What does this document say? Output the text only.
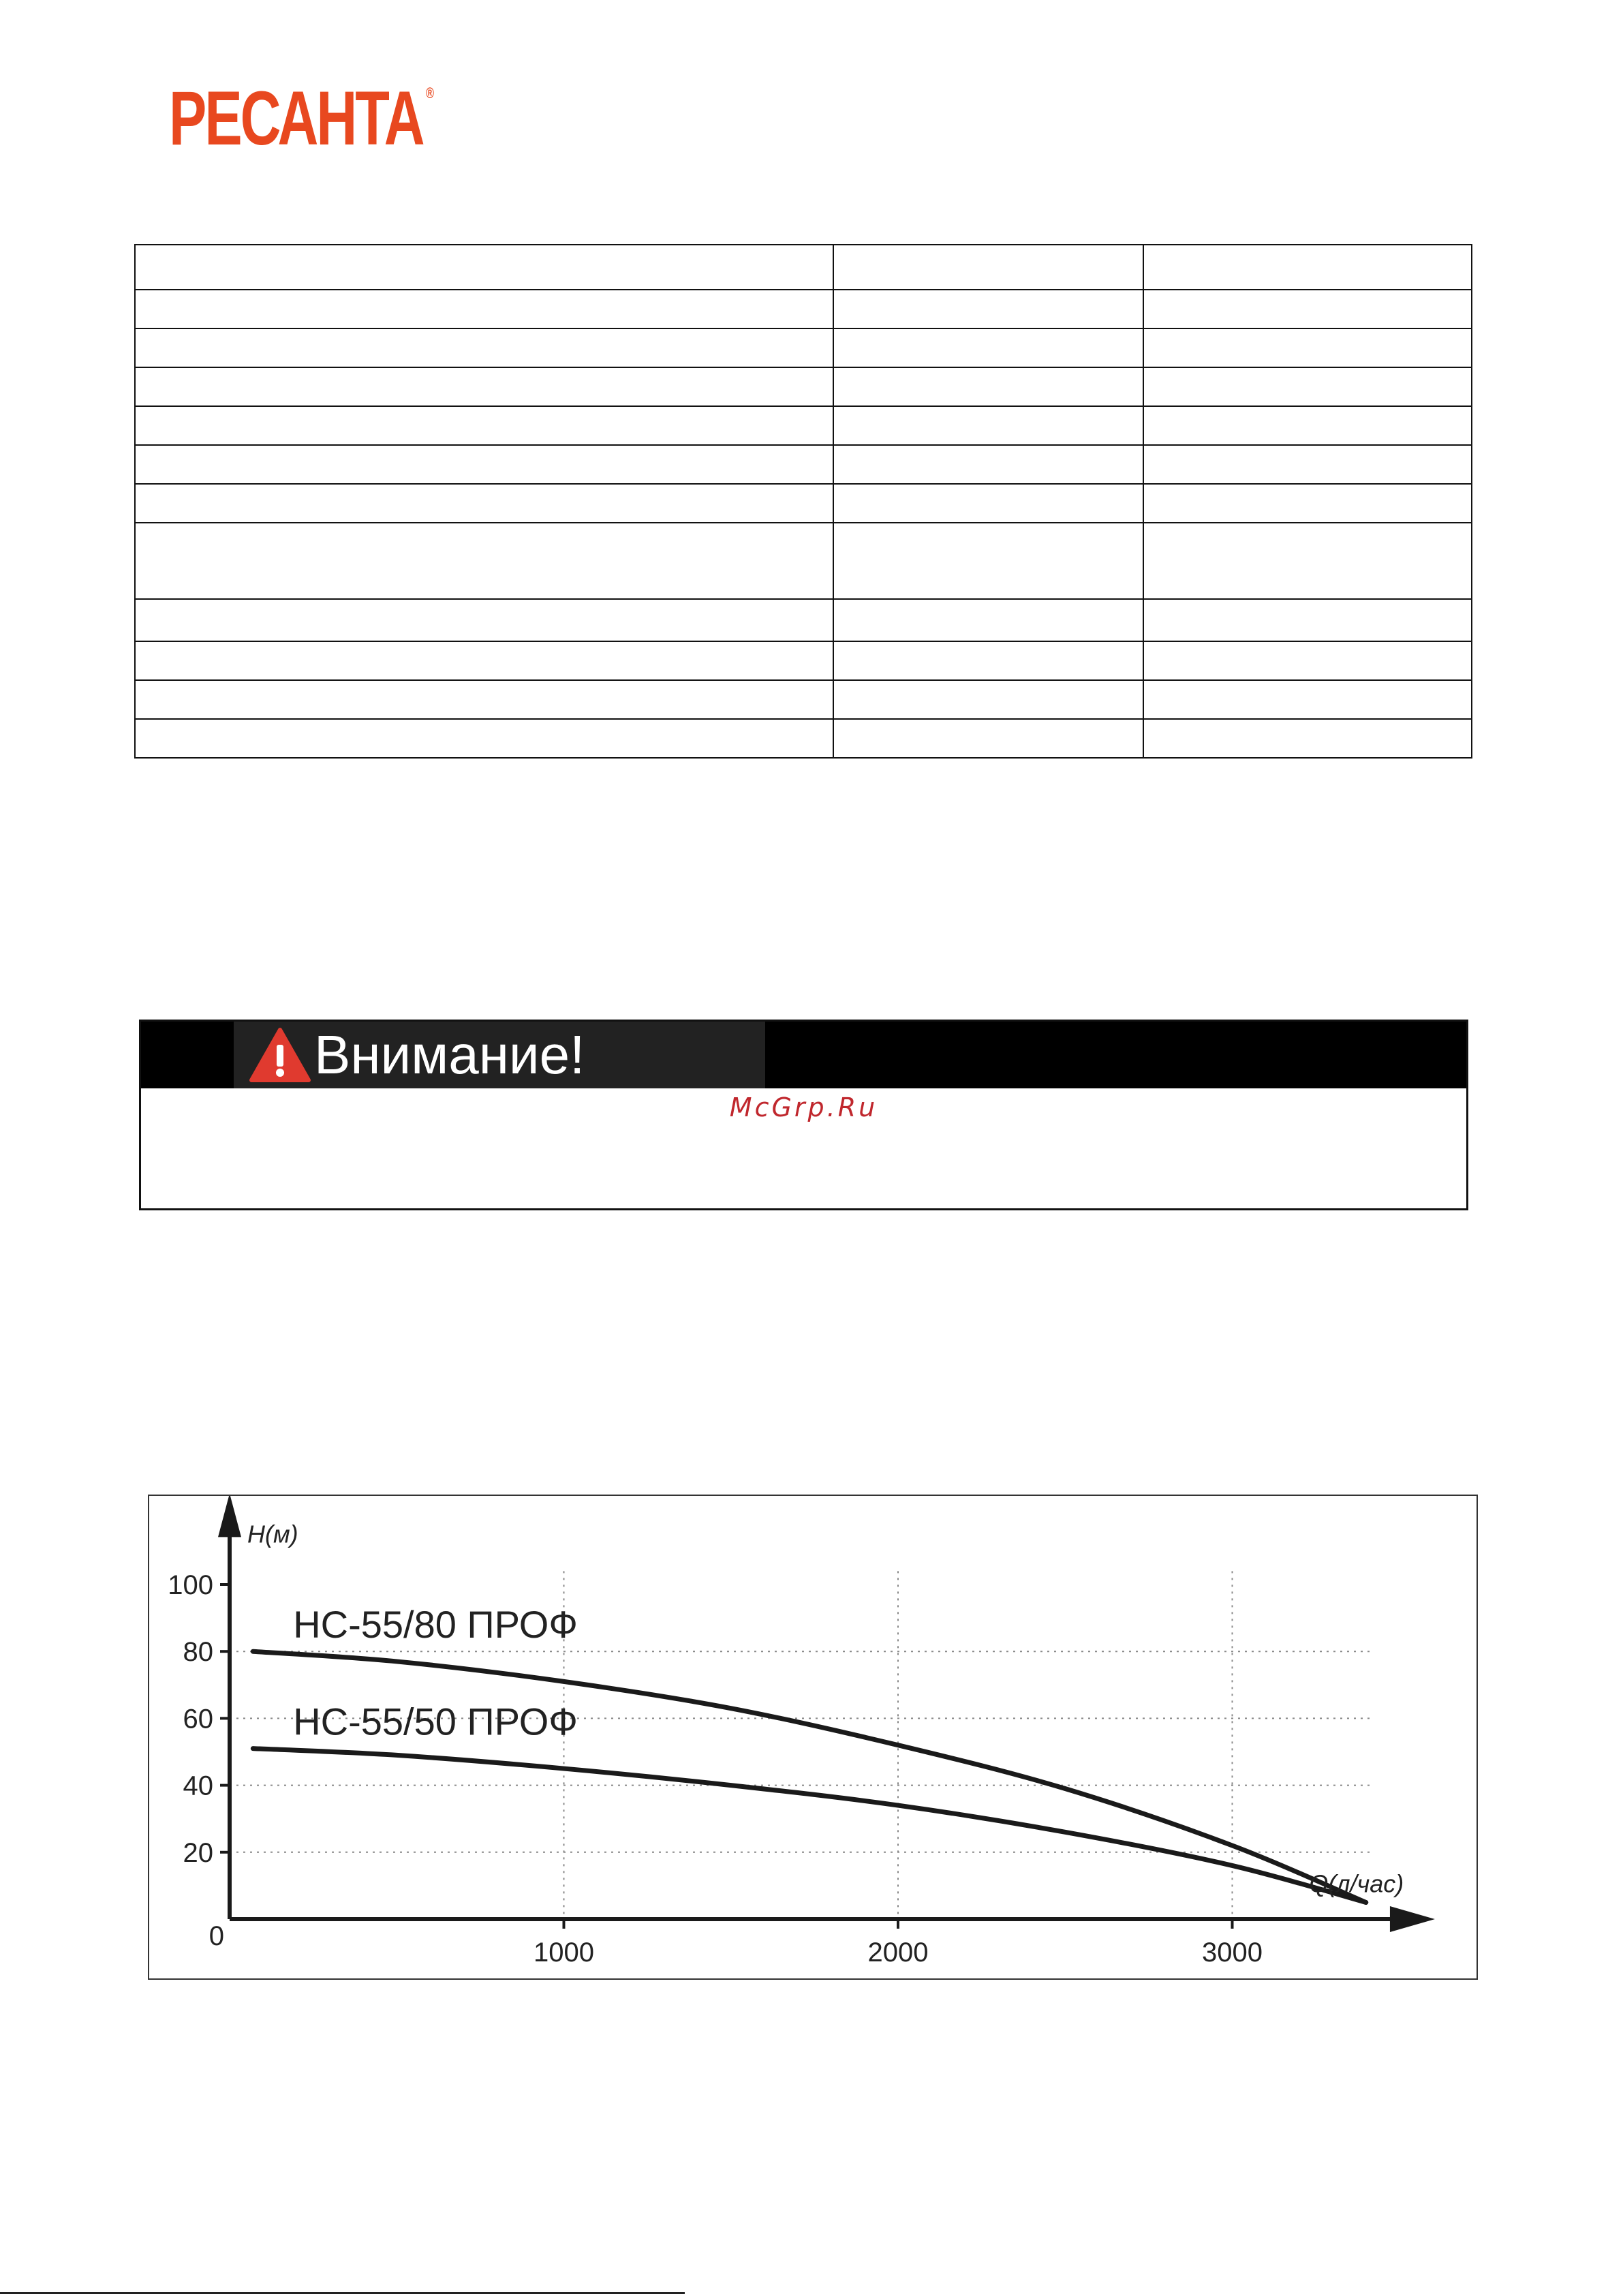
РЕСАНТА ®

Внимание!
McGrp.Ru
20
40
60
80
100
1000	2000	3000
0
H(м)
Q(л/час)
НС-55/80 ПРОФ
НС-55/50 ПРОФ
